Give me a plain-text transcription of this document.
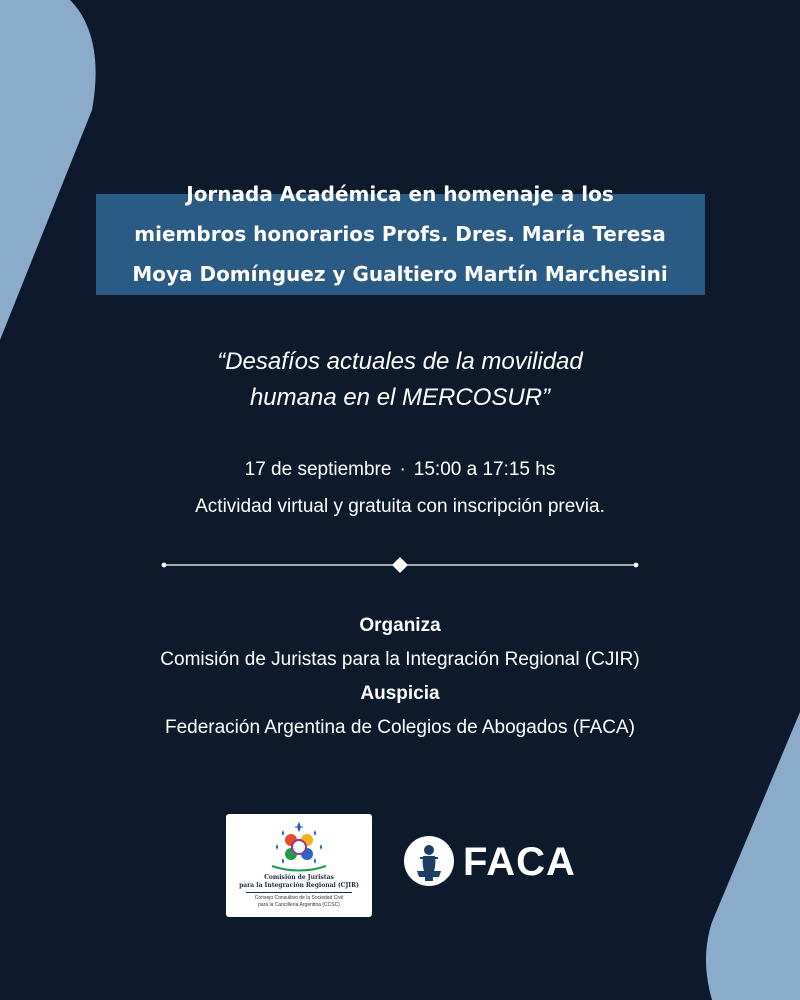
Jornada Académica en homenaje a los
miembros honorarios Profs. Dres. María Teresa
Moya Domínguez y Gualtiero Martín Marchesini

“Desafíos actuales de la movilidad
humana en el MERCOSUR”

17 de septiembre · 15:00 a 17:15 hs
Actividad virtual y gratuita con inscripción previa.
Organiza
Comisión de Juristas para la Integración Regional (CJIR)
Auspicia
Federación Argentina de Colegios de Abogados (FACA)
Comisión de Juristas
para la Integración Regional (CJIR)
Consejo Consultivo de la Sociedad Civil
para la Cancillería Argentina (CCSC)
FACA
